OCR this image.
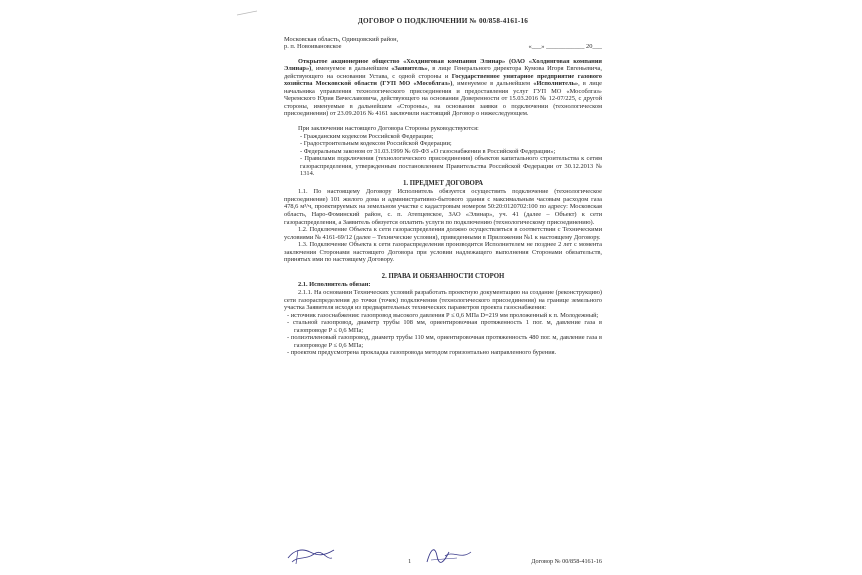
ДОГОВОР О ПОДКЛЮЧЕНИИ № 00/858-4161-16
Московская область, Одинцовский район,
р. п. Новоивановское	«___» ____________ 20___

Открытое акционерное общество «Холдинговая компания Элинар» (ОАО «Холдинговая компания Элинар»), именуемое в дальнейшем «Заявитель», в лице Генерального директора Кумова Игоря Евгеньевича, действующего на основании Устава, с одной стороны и Государственное унитарное предприятие газового хозяйства Московской области (ГУП МО «Мособлгаз»), именуемое в дальнейшем «Исполнитель», в лице начальника управления технологического присоединения и предоставления услуг ГУП МО «Мособлгаз» Черемского Юрия Вячеславовича, действующего на основании Доверенности от 15.03.2016 № 12-07/225, с другой стороны, именуемые в дальнейшем «Стороны», на основании заявки о подключении (технологическом присоединении) от 23.09.2016 № 4161 заключили настоящий Договор о нижеследующем.

При заключении настоящего Договора Стороны руководствуются:

- Гражданским кодексом Российской Федерации;

- Градостроительным кодексом Российской Федерации;

- Федеральным законом от 31.03.1999 № 69-ФЗ «О газоснабжении в Российской Федерации»;

- Правилами подключения (технологического присоединения) объектов капитального строительства к сетям газораспределения, утвержденным постановлением Правительства Российской Федерации от 30.12.2013 № 1314.

1. ПРЕДМЕТ ДОГОВОРА

1.1. По настоящему Договору Исполнитель обязуется осуществить подключение (технологическое присоединение) 101 жилого дома и административно-бытового здания с максимальным часовым расходом газа 478,6 м³/ч, проектируемых на земельном участке с кадастровым номером 50:20:0120702:100 по адресу: Московская область, Наро-Фоминский район, с. п. Атепцевское, ЗАО «Элинар», уч. 41 (далее – Объект) к сети газораспределения, а Заявитель обязуется оплатить услуги по подключению (технологическому присоединению).

1.2. Подключение Объекта к сети газораспределения должно осуществляться в соответствии с Техническими условиями № 4161-69/12 (далее – Технические условия), приведенными в Приложении №1 к настоящему Договору.

1.3. Подключение Объекта к сети газораспределения производится Исполнителем не позднее 2 лет с момента заключения Сторонами настоящего Договора при условии надлежащего выполнения Сторонами обязательств, принятых ими по настоящему Договору.

2. ПРАВА И ОБЯЗАННОСТИ СТОРОН

2.1. Исполнитель обязан:

2.1.1. На основании Технических условий разработать проектную документацию на создание (реконструкцию) сети газораспределения до точки (точек) подключения (технологического присоединения) на границе земельного участка Заявителя исходя из предварительных технических параметров проекта газоснабжения:

- источник газоснабжения: газопровод высокого давления P ≤ 0,6 МПа D=219 мм проложенный к п. Молодежный;

- стальной газопровод, диаметр трубы 108 мм, ориентировочная протяженность 1 пог. м, давление газа в газопроводе P ≤ 0,6 МПа;

- полиэтиленовый газопровод, диаметр трубы 110 мм, ориентировочная протяженность 480 пог. м, давление газа в газопроводе P ≤ 0,6 МПа;

- проектом предусмотрена прокладка газопровода методом горизонтально направленного бурения.

1	Договор № 00/858-4161-16
